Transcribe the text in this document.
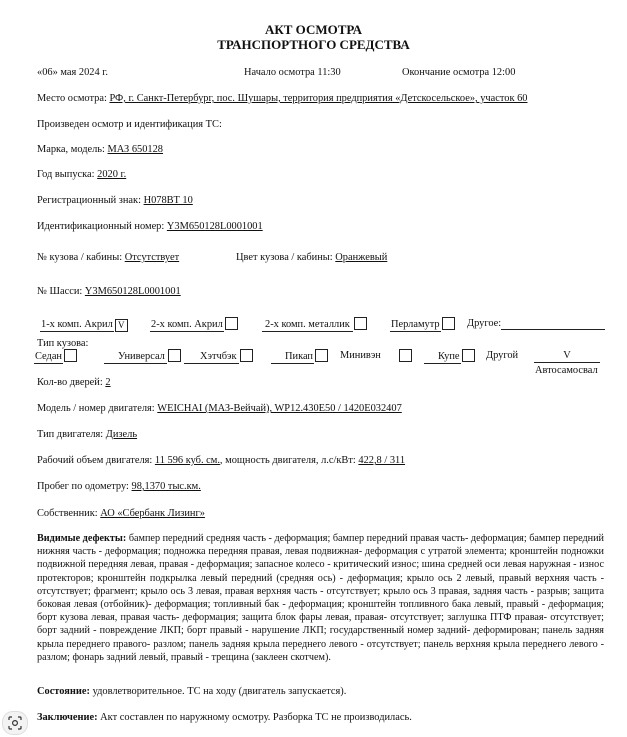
АКТ ОСМОТРА
ТРАНСПОРТНОГО СРЕДСТВА
«06» мая 2024 г.	Начало осмотра 11:30	Окончание осмотра 12:00
Место осмотра: РФ, г. Санкт-Петербург, пос. Шушары, территория предприятия «Детскосельское», участок 60
Произведен осмотр и идентификация ТС:
Марка, модель: МАЗ 650128
Год выпуска: 2020 г.
Регистрационный знак: Н078ВТ 10
Идентификационный номер: Y3M650128L0001001
№ кузова / кабины: Отсутствует	Цвет кузова / кабины: Оранжевый
№ Шасси: Y3M650128L0001001
1-х комп. Акрил V	2-х комп. Акрил	2-х комп. металлик	Перламутр	Другое:
Тип кузова:
Седан	Универсал	Хэтчбэк	Пикап	Минивэн	Купе	Другой	V
Автосамосвал
Кол-во дверей: 2
Модель / номер двигателя: WEICHAI (МАЗ-Вейчай), WP12.430E50 / 1420E032407
Тип двигателя: Дизель
Рабочий объем двигателя: 11 596 куб. см., мощность двигателя, л.с/кВт: 422,8 / 311
Пробег по одометру: 98,1370 тыс.км.
Собственник: АО «Сбербанк Лизинг»
Видимые дефекты: бампер передний средняя часть - деформация; бампер передний правая часть- деформация; бампер передний нижняя часть - деформация; подножка передняя правая, левая подвижная- деформация с утратой элемента; кронштейн подножки подвижной передняя левая, правая - деформация; запасное колесо - критический износ; шина средней оси левая наружная - износ протекторов; кронштейн подкрылка левый передний (средняя ось) - деформация; крыло ось 2 левый, правый верхняя часть - отсутствует; фрагмент; крыло ось 3 левая, правая верхняя часть - отсутствует; крыло ось 3 правая, задняя часть - разрыв; защита боковая левая (отбойник)- деформация; топливный бак - деформация; кронштейн топливного бака левый, правый - деформация; борт кузова левая, правая часть- деформация; защита блок фары левая, правая- отсутствует; заглушка ПТФ правая- отсутствует; борт задний - повреждение ЛКП; борт правый - нарушение ЛКП; государственный номер задний- деформирован; панель задняя крыла переднего правого- разлом; панель задняя крыла переднего левого - отсутствует; панель верхняя крыла переднего левого - разлом; фонарь задний левый, правый - трещина (заклеен скотчем).
Состояние: удовлетворительное. ТС на ходу (двигатель запускается).
Заключение: Акт составлен по наружному осмотру. Разборка ТС не производилась.
